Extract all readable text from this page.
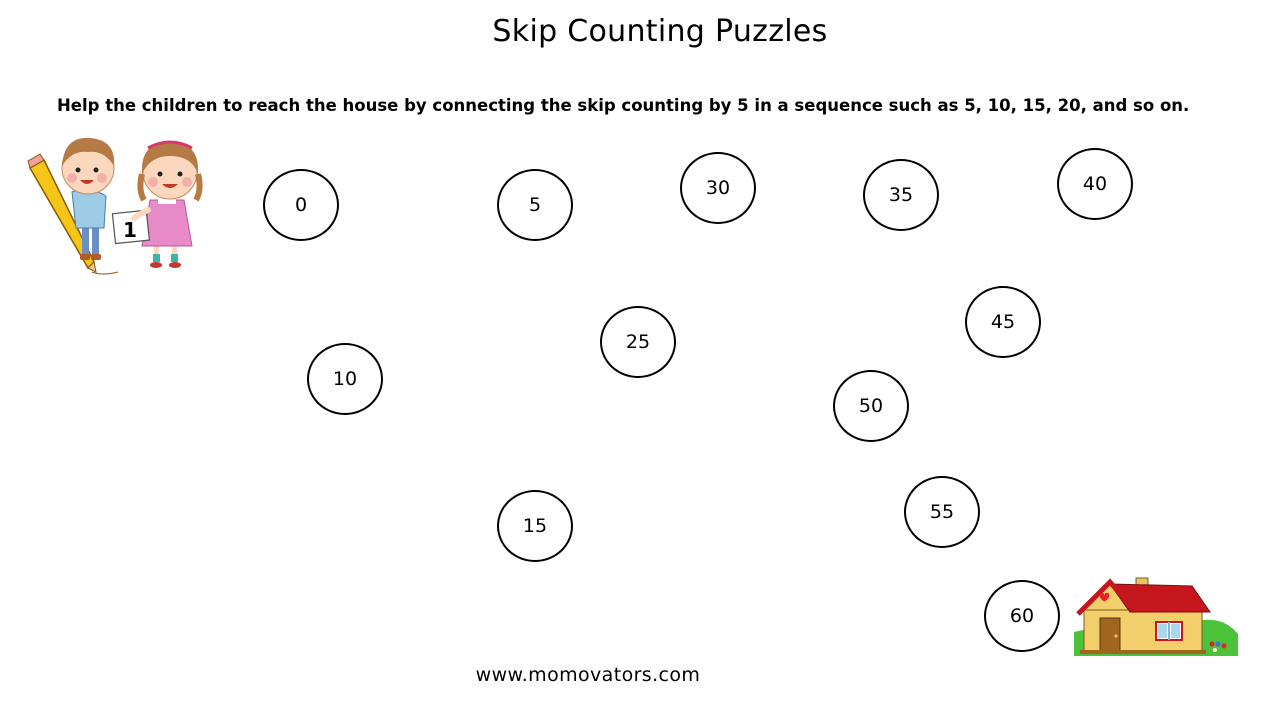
Skip Counting Puzzles
Help the children to reach the house by connecting the skip counting by 5 in a sequence such as 5, 10, 15, 20, and so on.
1
0	5
30	35	40
25
45
10
50
15
55
60
www.momovators.com
